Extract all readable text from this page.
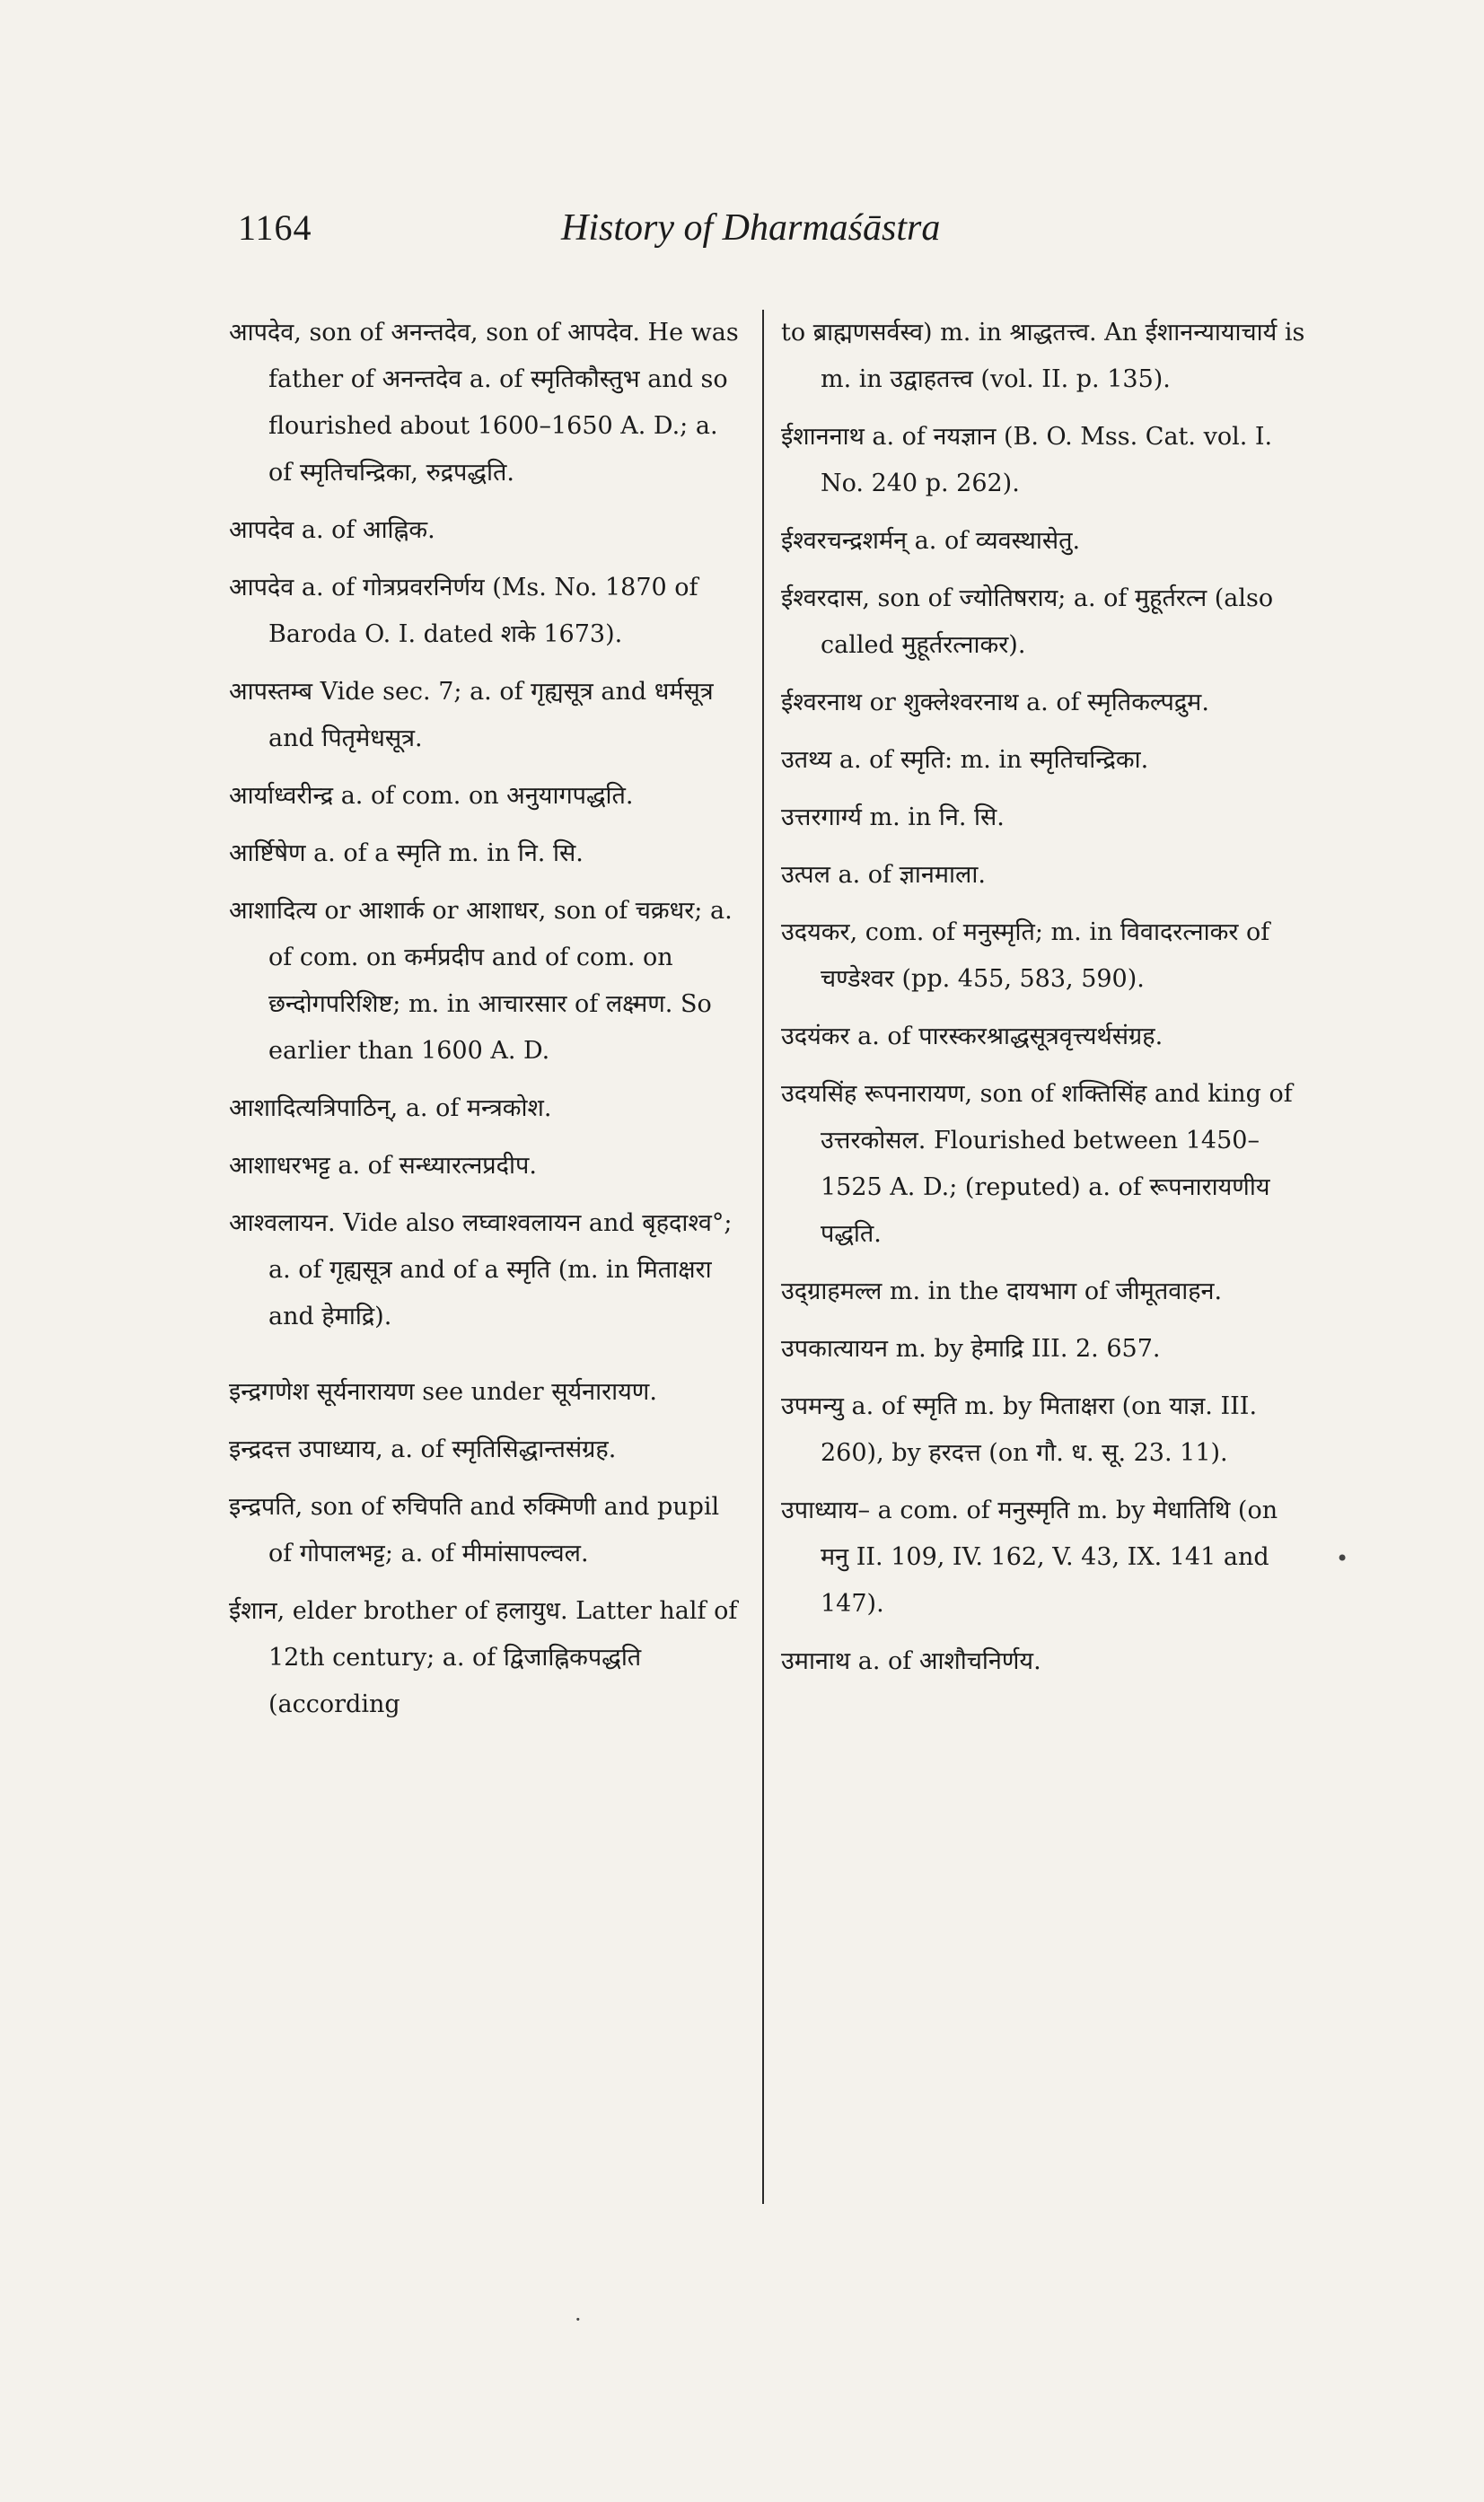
1164	History of Dharmaśāstra

आपदेव, son of अनन्तदेव, son of आपदेव. He was father of अनन्तदेव a. of स्मृतिकौस्तुभ and so flourished about 1600–1650 A. D.; a. of स्मृतिचन्द्रिका, रुद्रपद्धति.

आपदेव a. of आह्निक.

आपदेव a. of गोत्रप्रवरनिर्णय (Ms. No. 1870 of Baroda O. I. dated शके 1673).

आपस्तम्ब Vide sec. 7; a. of गृह्यसूत्र and धर्मसूत्र and पितृमेधसूत्र.

आर्याध्वरीन्द्र a. of com. on अनुयागपद्धति.

आर्ष्टिषेण a. of a स्मृति m. in नि. सि.

आशादित्य or आशार्क or आशाधर, son of चक्रधर; a. of com. on कर्मप्रदीप and of com. on छन्दोगपरिशिष्ट; m. in आचारसार of लक्ष्मण. So earlier than 1600 A. D.

आशादित्यत्रिपाठिन्, a. of मन्त्रकोश.

आशाधरभट्ट a. of सन्ध्यारत्नप्रदीप.

आश्वलायन. Vide also लघ्वाश्वलायन and बृहदाश्व°; a. of गृह्यसूत्र and of a स्मृति (m. in मिताक्षरा and हेमाद्रि).

इन्द्रगणेश सूर्यनारायण see under सूर्यनारायण.

इन्द्रदत्त उपाध्याय, a. of स्मृतिसिद्धान्तसंग्रह.

इन्द्रपति, son of रुचिपति and रुक्मिणी and pupil of गोपालभट्ट; a. of मीमांसापल्वल.

ईशान, elder brother of हलायुध. Latter half of 12th century; a. of द्विजाह्निकपद्धति (according

to ब्राह्मणसर्वस्व) m. in श्राद्धतत्त्व. An ईशानन्यायाचार्य is m. in उद्वाहतत्त्व (vol. II. p. 135).

ईशाननाथ a. of नयज्ञान (B. O. Mss. Cat. vol. I. No. 240 p. 262).

ईश्वरचन्द्रशर्मन् a. of व्यवस्थासेतु.

ईश्वरदास, son of ज्योतिषराय; a. of मुहूर्तरत्न (also called मुहूर्तरत्नाकर).

ईश्वरनाथ or शुक्लेश्वरनाथ a. of स्मृतिकल्पद्रुम.

उतथ्य a. of स्मृति: m. in स्मृतिचन्द्रिका.

उत्तरगार्ग्य m. in नि. सि.

उत्पल a. of ज्ञानमाला.

उदयकर, com. of मनुस्मृति; m. in विवादरत्नाकर of चण्डेश्वर (pp. 455, 583, 590).

उदयंकर a. of पारस्करश्राद्धसूत्रवृत्त्यर्थसंग्रह.

उदयसिंह रूपनारायण, son of शक्तिसिंह and king of उत्तरकोसल. Flourished between 1450–1525 A. D.; (reputed) a. of रूपनारायणीय पद्धति.

उद्ग्राहमल्ल m. in the दायभाग of जीमूतवाहन.

उपकात्यायन m. by हेमाद्रि III. 2. 657.

उपमन्यु a. of स्मृति m. by मिताक्षरा (on याज्ञ. III. 260), by हरदत्त (on गौ. ध. सू. 23. 11).

उपाध्याय– a com. of मनुस्मृति m. by मेधातिथि (on मनु II. 109, IV. 162, V. 43, IX. 141 and 147).

उमानाथ a. of आशौचनिर्णय.

•
·
